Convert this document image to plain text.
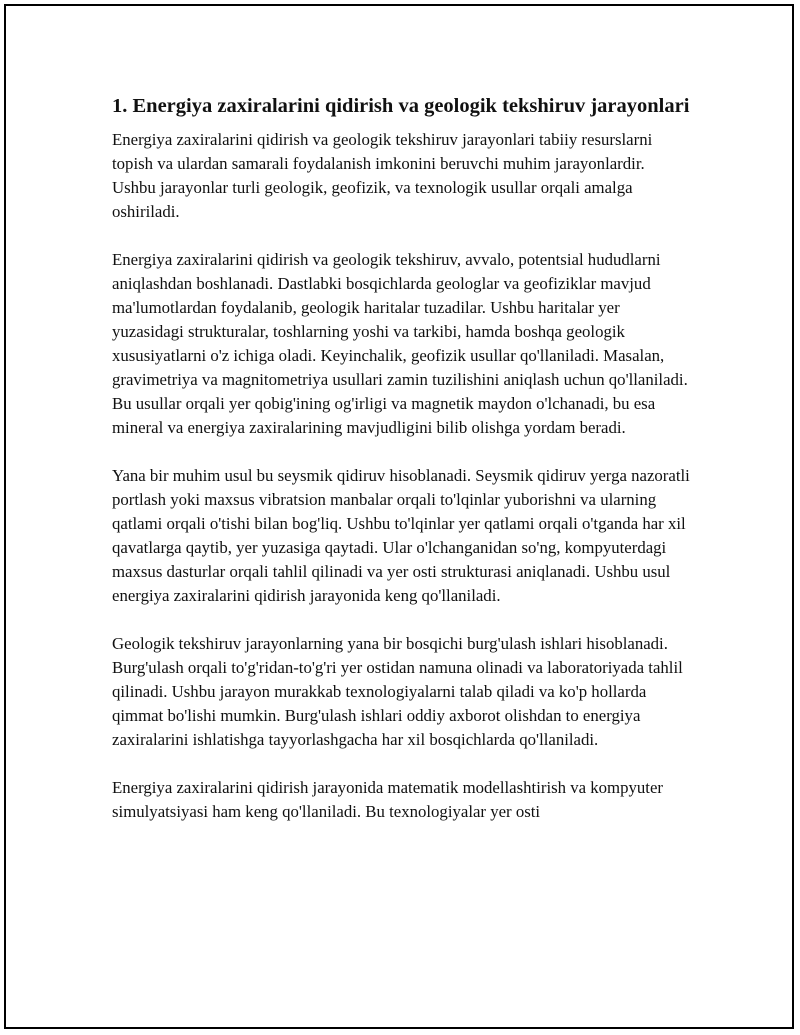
1. Energiya zaxiralarini qidirish va geologik tekshiruv jarayonlari

Energiya zaxiralarini qidirish va geologik tekshiruv jarayonlari tabiiy resurslarni topish va ulardan samarali foydalanish imkonini beruvchi muhim jarayonlardir. Ushbu jarayonlar turli geologik, geofizik, va texnologik usullar orqali amalga oshiriladi.

Energiya zaxiralarini qidirish va geologik tekshiruv, avvalo, potentsial hududlarni aniqlashdan boshlanadi. Dastlabki bosqichlarda geologlar va geofiziklar mavjud ma'lumotlardan foydalanib, geologik haritalar tuzadilar. Ushbu haritalar yer yuzasidagi strukturalar, toshlarning yoshi va tarkibi, hamda boshqa geologik xususiyatlarni o'z ichiga oladi. Keyinchalik, geofizik usullar qo'llaniladi. Masalan, gravimetriya va magnitometriya usullari zamin tuzilishini aniqlash uchun qo'llaniladi. Bu usullar orqali yer qobig'ining og'irligi va magnetik maydon o'lchanadi, bu esa mineral va energiya zaxiralarining mavjudligini bilib olishga yordam beradi.

Yana bir muhim usul bu seysmik qidiruv hisoblanadi. Seysmik qidiruv yerga nazoratli portlash yoki maxsus vibratsion manbalar orqali to'lqinlar yuborishni va ularning qatlami orqali o'tishi bilan bog'liq. Ushbu to'lqinlar yer qatlami orqali o'tganda har xil qavatlarga qaytib, yer yuzasiga qaytadi. Ular o'lchanganidan so'ng, kompyuterdagi maxsus dasturlar orqali tahlil qilinadi va yer osti strukturasi aniqlanadi. Ushbu usul energiya zaxiralarini qidirish jarayonida keng qo'llaniladi.

Geologik tekshiruv jarayonlarning yana bir bosqichi burg'ulash ishlari hisoblanadi. Burg'ulash orqali to'g'ridan-to'g'ri yer ostidan namuna olinadi va laboratoriyada tahlil qilinadi. Ushbu jarayon murakkab texnologiyalarni talab qiladi va ko'p hollarda qimmat bo'lishi mumkin. Burg'ulash ishlari oddiy axborot olishdan to energiya zaxiralarini ishlatishga tayyorlashgacha har xil bosqichlarda qo'llaniladi.

Energiya zaxiralarini qidirish jarayonida matematik modellashtirish va kompyuter simulyatsiyasi ham keng qo'llaniladi. Bu texnologiyalar yer osti
